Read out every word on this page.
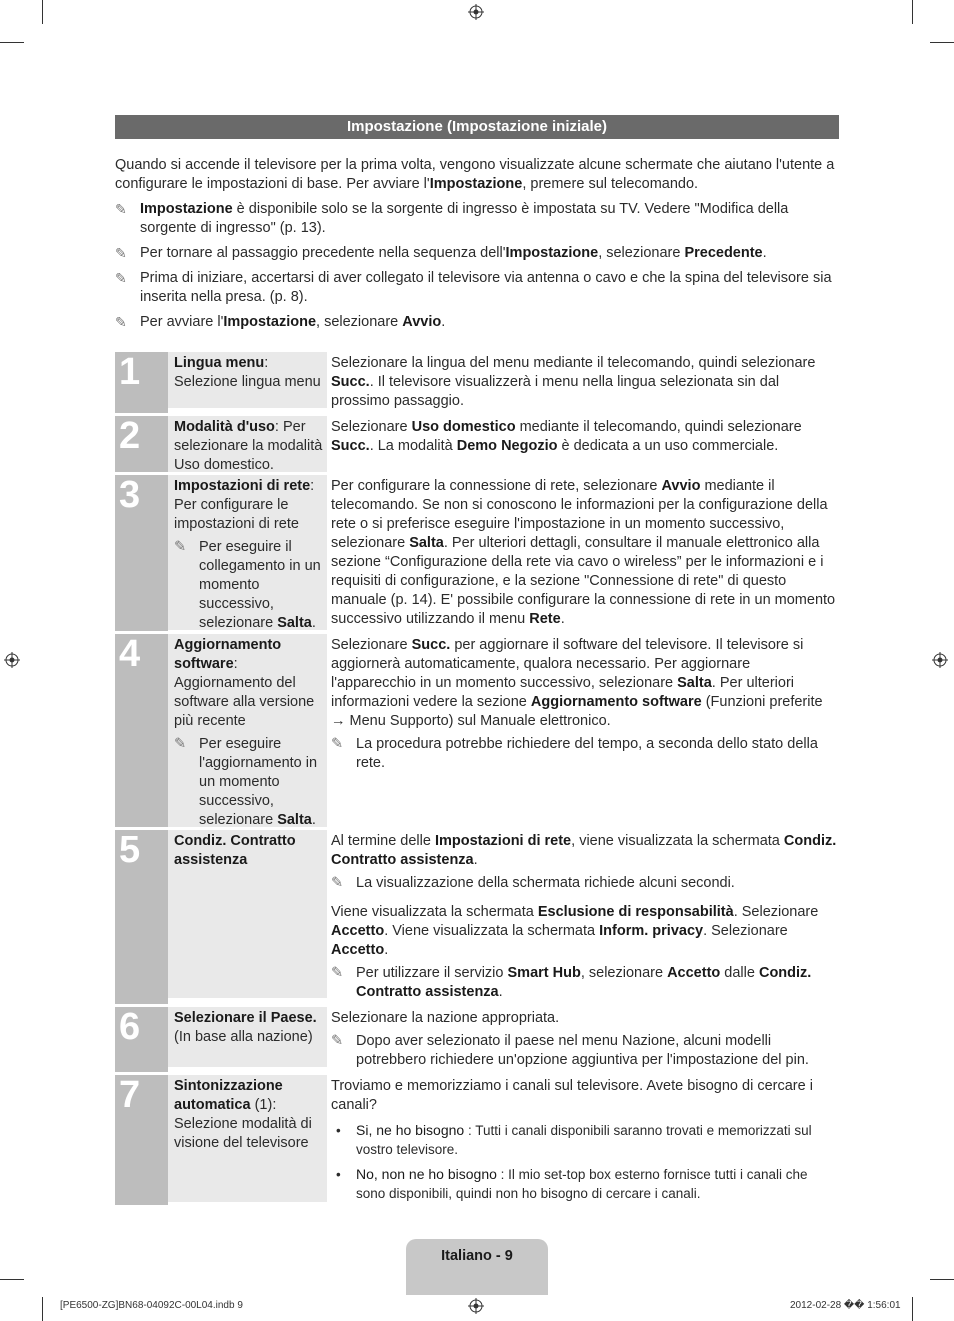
Impostazione (Impostazione iniziale)

Quando si accende il televisore per la prima volta, vengono visualizzate alcune schermate che aiutano l'utente a configurare le impostazioni di base. Per avviare l'Impostazione, premere sul telecomando.

✎ Impostazione è disponibile solo se la sorgente di ingresso è impostata su TV. Vedere "Modifica della sorgente di ingresso" (p. 13).
✎ Per tornare al passaggio precedente nella sequenza dell'Impostazione, selezionare Precedente.
✎ Prima di iniziare, accertarsi di aver collegato il televisore via antenna o cavo e che la spina del televisore sia inserita nella presa. (p. 8).
✎ Per avviare l'Impostazione, selezionare Avvio.
1	Lingua menu: Selezione lingua menu

Selezionare la lingua del menu mediante il telecomando, quindi selezionare Succ.. Il televisore visualizzerà i menu nella lingua selezionata sin dal prossimo passaggio.

2	Modalità d'uso: Per selezionare la modalità Uso domestico.

Selezionare Uso domestico mediante il telecomando, quindi selezionare Succ.. La modalità Demo Negozio è dedicata a un uso commerciale.

3	Impostazioni di rete: Per configurare le impostazioni di rete
✎ Per eseguire il collegamento in un momento successivo, selezionare Salta.

Per configurare la connessione di rete, selezionare Avvio mediante il telecomando. Se non si conoscono le informazioni per la configurazione della rete o si preferisce eseguire l'impostazione in un momento successivo, selezionare Salta. Per ulteriori dettagli, consultare il manuale elettronico alla sezione “Configurazione della rete via cavo o wireless” per le informazioni e i requisiti di configurazione, e la sezione "Connessione di rete" di questo manuale (p. 14). E' possibile configurare la connessione di rete in un momento successivo utilizzando il menu Rete.

4	Aggiornamento software: Aggiornamento del software alla versione più recente
✎ Per eseguire l'aggiornamento in un momento successivo, selezionare Salta.

Selezionare Succ. per aggiornare il software del televisore. Il televisore si aggiornerà automaticamente, qualora necessario. Per aggiornare l'apparecchio in un momento successivo, selezionare Salta. Per ulteriori informazioni vedere la sezione Aggiornamento software (Funzioni preferite → Menu Supporto) sul Manuale elettronico.

✎ La procedura potrebbe richiedere del tempo, a seconda dello stato della rete.
5	Condiz. Contratto assistenza

Al termine delle Impostazioni di rete, viene visualizzata la schermata Condiz. Contratto assistenza.

✎ La visualizzazione della schermata richiede alcuni secondi.

Viene visualizzata la schermata Esclusione di responsabilità. Selezionare Accetto. Viene visualizzata la schermata Inform. privacy. Selezionare Accetto.

✎ Per utilizzare il servizio Smart Hub, selezionare Accetto dalle Condiz. Contratto assistenza.
6	Selezionare il Paese. (In base alla nazione)

Selezionare la nazione appropriata.

✎ Dopo aver selezionato il paese nel menu Nazione, alcuni modelli potrebbero richiedere un'opzione aggiuntiva per l'impostazione del pin.
7	Sintonizzazione automatica (1): Selezione modalità di visione del televisore

Troviamo e memorizziamo i canali sul televisore. Avete bisogno di cercare i canali?

• Si, ne ho bisogno : Tutti i canali disponibili saranno trovati e memorizzati sul vostro televisore.
• No, non ne ho bisogno : Il mio set-top box esterno fornisce tutti i canali che sono disponibili, quindi non ho bisogno di cercare i canali.
Italiano - 9
[PE6500-ZG]BN68-04092C-00L04.indb 9	2012-02-28 �� 1:56:01
